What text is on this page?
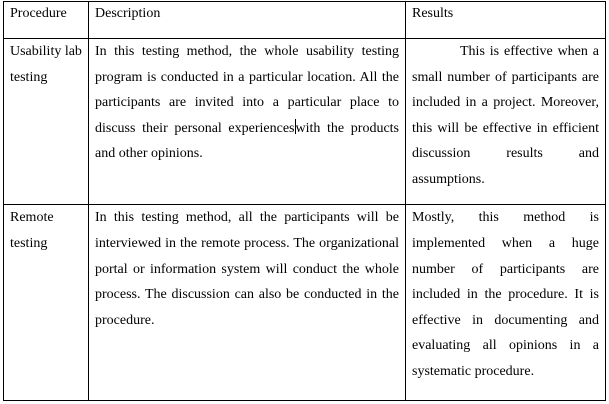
Procedure	Description	Results
Usability lab testing	In this testing method, the whole usability testing program is conducted in a particular location. All the participants are invited into a particular place to discuss their personal experienceswith the products and other opinions.	This is effective when a small number of participants are included in a project. Moreover, this will be effective in efficient discussion results and assumptions.

Remote testing	In this testing method, all the participants will be interviewed in the remote process. The organizational portal or information system will conduct the whole process. The discussion can also be conducted in the procedure.	Mostly, this method is implemented when a huge number of participants are included in the procedure. It is effective in documenting and evaluating all opinions in a systematic procedure.
